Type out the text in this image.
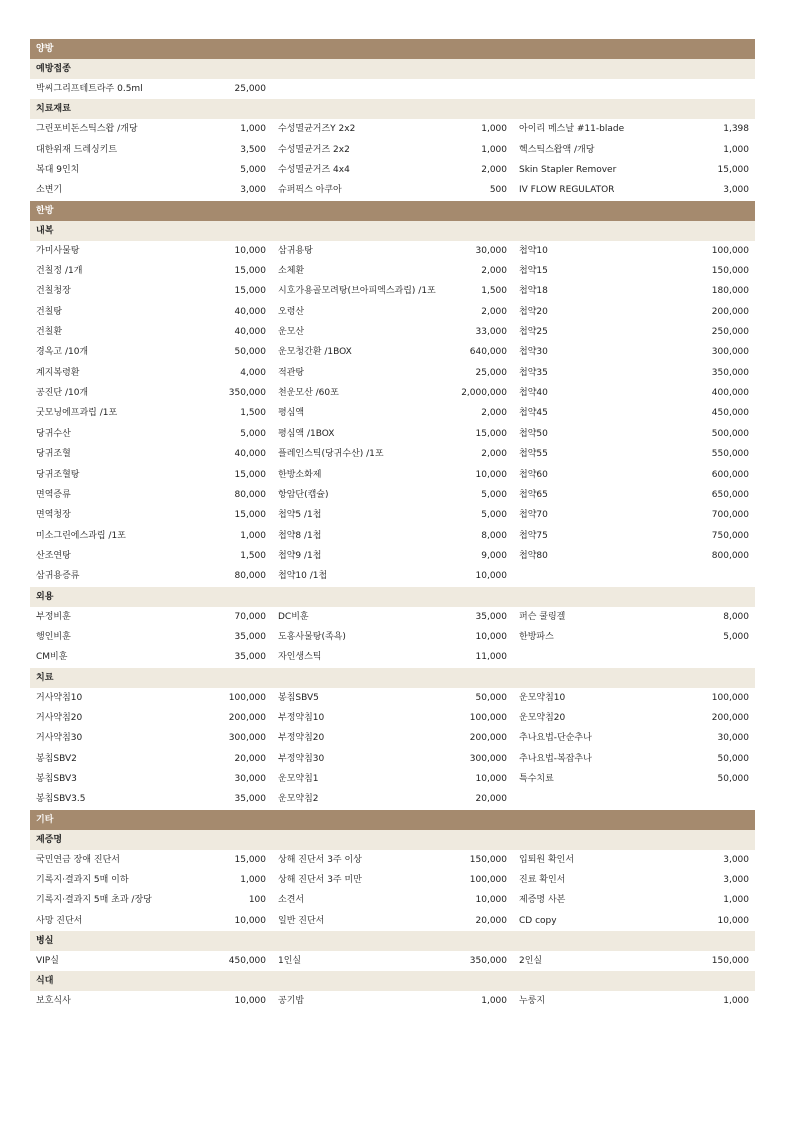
양방
예방접종
박씨그리프테트라주 0.5ml	25,000
치료재료
그린포비돈스틱스왑 /개당	1,000 수성멸균거즈Y 2x2	1,000 아이리 메스날 #11-blade	1,398
대한위재 드레싱키트	3,500 수성멸균거즈 2x2	1,000 헥스틱스왑액 /개당	1,000
복대 9인치	5,000 수성멸균거즈 4x4	2,000 Skin Stapler Remover	15,000
소변기	3,000 슈퍼픽스 아쿠아	500 IV FLOW REGULATOR	3,000
한방
내복
가미사물탕	10,000 삼귀용탕	30,000 첩약10	100,000
건칠정 /1개	15,000 소체환	2,000 첩약15	150,000
건칠청장	15,000 시호가용골모려탕(브아피엑스과립) /1포	1,500 첩약18	180,000
건칠탕	40,000 오령산	2,000 첩약20	200,000
건칠환	40,000 운모산	33,000 첩약25	250,000
경옥고 /10개	50,000 운모청간환 /1BOX	640,000 첩약30	300,000
계지복령환	4,000 적관탕	25,000 첩약35	350,000
공진단 /10개	350,000 천운모산 /60포	2,000,000 첩약40	400,000
굿모닝에프과립 /1포	1,500 평심액	2,000 첩약45	450,000
당귀수산	5,000 평심액 /1BOX	15,000 첩약50	500,000
당귀조혈	40,000 플레인스틱(당귀수산) /1포	2,000 첩약55	550,000
당귀조혈탕	15,000 한방소화제	10,000 첩약60	600,000
면역증류	80,000 항암단(캡슐)	5,000 첩약65	650,000
면역청장	15,000 첩약5 /1첩	5,000 첩약70	700,000
미소그린에스과립 /1포	1,000 첩약8 /1첩	8,000 첩약75	750,000
산조연탕	1,500 첩약9 /1첩	9,000 첩약80	800,000
삼귀용증류	80,000 첩약10 /1첩	10,000
외용
부정비훈	70,000 DC비훈	35,000 퍼슨 쿨링겔	8,000
행인비훈	35,000 도홍사물탕(족욕)	10,000 한방파스	5,000
CM비훈	35,000 자인생스틱	11,000
치료
거사약침10	100,000 봉침SBV5	50,000 운모약침10	100,000
거사약침20	200,000 부정약침10	100,000 운모약침20	200,000
거사약침30	300,000 부정약침20	200,000 추나요법-단순추나	30,000
봉침SBV2	20,000 부정약침30	300,000 추나요법-복잡추나	50,000
봉침SBV3	30,000 운모약침1	10,000 특수치료	50,000
봉침SBV3.5	35,000 운모약침2	20,000
기타
제증명
국민연금 장애 진단서	15,000 상해 진단서 3주 이상	150,000 입퇴원 확인서	3,000
기록지·결과지 5매 이하	1,000 상해 진단서 3주 미만	100,000 진료 확인서	3,000
기록지·결과지 5매 초과 /장당	100 소견서	10,000 제증명 사본	1,000
사망 진단서	10,000 일반 진단서	20,000 CD copy	10,000
병실
VIP실	450,000 1인실	350,000 2인실	150,000
식대
보호식사	10,000 공기밥	1,000 누룽지	1,000
